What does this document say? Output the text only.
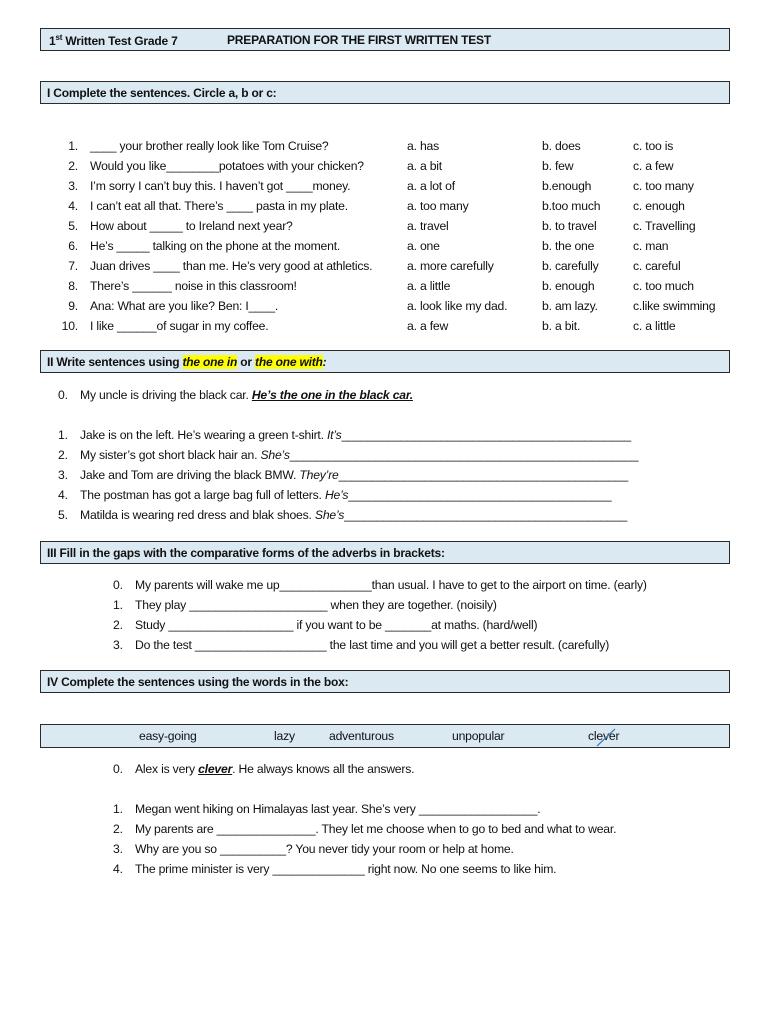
1st Written Test Grade 7	PREPARATION FOR THE FIRST WRITTEN TEST
I Complete the sentences. Circle a, b or c:
1. ____ your brother really look like Tom Cruise?	a. has	b. does	c. too is
2. Would you like________potatoes with your chicken?	a. a bit	b. few	c. a few
3. I’m sorry I can’t buy this. I haven’t got ____money.	a. a lot of	b.enough	c. too many
4. I can’t eat all that. There’s ____ pasta in my plate.	a. too many	b.too much	c. enough
5. How about _____ to Ireland next year?	a. travel	b. to travel	c. Travelling
6. He’s _____ talking on the phone at the moment.	a. one	b. the one	c. man
7. Juan drives ____ than me. He’s very good at athletics.	a. more carefully	b. carefully	c. careful
8. There’s ______ noise in this classroom!	a. a little	b. enough	c. too much
9. Ana: What are you like? Ben: I____.	a. look like my dad.	b. am lazy.	c.like swimming
10. I like ______of sugar in my coffee.	a. a few	b. a bit.	c. a little
II Write sentences using the one in or the one with:
0. My uncle is driving the black car. He’s the one in the black car.
1. Jake is on the left. He’s wearing a green t-shirt. It’s____________________________________________
2. My sister’s got short black hair an. She’s_____________________________________________________
3. Jake and Tom are driving the black BMW. They’re____________________________________________
4. The postman has got a large bag full of letters. He’s________________________________________
5. Matilda is wearing red dress and blak shoes. She’s___________________________________________
III Fill in the gaps with the comparative forms of the adverbs in brackets:
0. My parents will wake me up______________than usual. I have to get to the airport on time. (early)
1. They play _____________________ when they are together. (noisily)
2. Study ___________________ if you want to be _______at maths. (hard/well)
3. Do the test ____________________ the last time and you will get a better result. (carefully)
IV Complete the sentences using the words in the box:
easy-going	lazy	adventurous	unpopular	clever
0. Alex is very clever. He always knows all the answers.
1. Megan went hiking on Himalayas last year. She’s very __________________.
2. My parents are _______________. They let me choose when to go to bed and what to wear.
3. Why are you so __________? You never tidy your room or help at home.
4. The prime minister is very ______________ right now. No one seems to like him.
